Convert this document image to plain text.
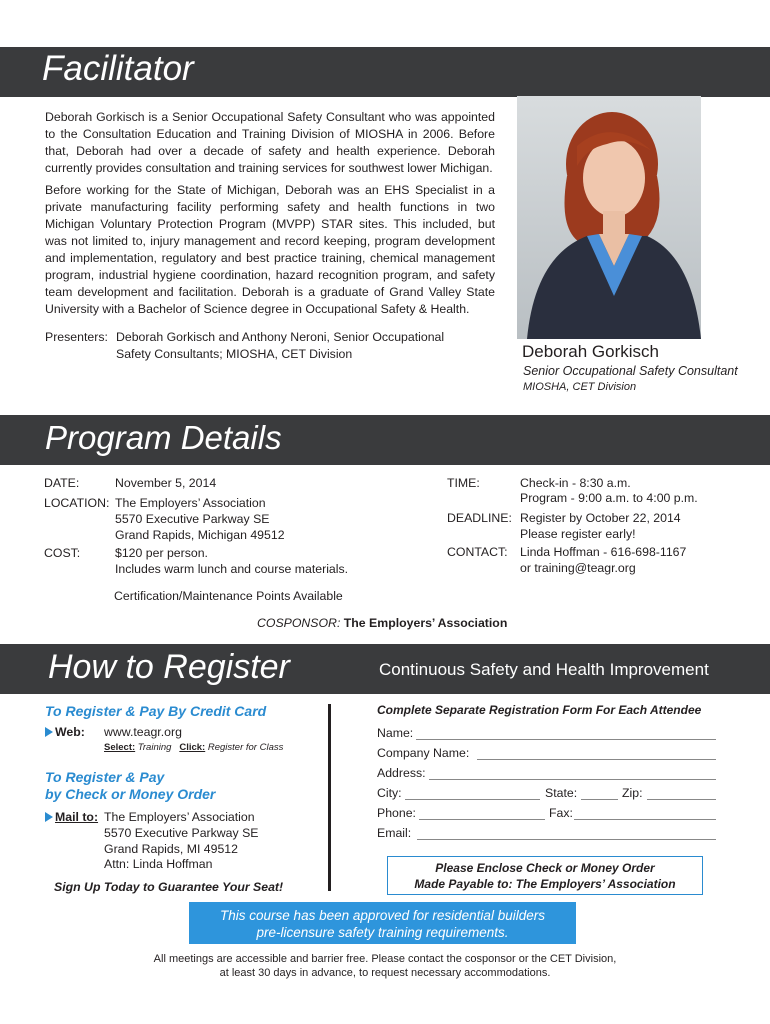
Facilitator
Deborah Gorkisch is a Senior Occupational Safety Consultant who was appointed to the Consultation Education and Training Division of MIOSHA in 2006. Before that, Deborah had over a decade of safety and health experience. Deborah currently provides consultation and training services for southwest lower Michigan.
Before working for the State of Michigan, Deborah was an EHS Specialist in a private manufacturing facility performing safety and health functions in two Michigan Voluntary Protection Program (MVPP) STAR sites. This included, but was not limited to, injury management and record keeping, program development and implementation, regulatory and best practice training, chemical management program, industrial hygiene coordination, hazard recognition program, and safety team development and facilitation. Deborah is a graduate of Grand Valley State University with a Bachelor of Science degree in Occupational Safety & Health.
Presenters: Deborah Gorkisch and Anthony Neroni, Senior Occupational
Safety Consultants; MIOSHA, CET Division	Deborah Gorkisch
Senior Occupational Safety Consultant
MIOSHA, CET Division
Program Details
DATE:	November 5, 2014
LOCATION: The Employers’ Association
5570 Executive Parkway SE
Grand Rapids, Michigan 49512
COST:	$120 per person.
Includes warm lunch and course materials.
TIME:	Check-in - 8:30 a.m.
Program - 9:00 a.m. to 4:00 p.m.
DEADLINE: Register by October 22, 2014
Please register early!
CONTACT: Linda Hoffman - 616-698-1167
or training@teagr.org
Certification/Maintenance Points Available
COSPONSOR: The Employers’ Association
How to Register	Continuous Safety and Health Improvement
To Register & Pay By Credit Card
Web: www.teagr.org
Select: Training Click: Register for Class
To Register & Pay
by Check or Money Order
Mail to: The Employers’ Association
5570 Executive Parkway SE
Grand Rapids, MI 49512
Attn: Linda Hoffman
Sign Up Today to Guarantee Your Seat!
Complete Separate Registration Form For Each Attendee
Name:
Company Name:
Address:
City:	State:	Zip:
Phone:	Fax:
Email:
Please Enclose Check or Money Order
Made Payable to: The Employers’ Association
This course has been approved for residential builders
pre-licensure safety training requirements.
All meetings are accessible and barrier free. Please contact the cosponsor or the CET Division,
at least 30 days in advance, to request necessary accommodations.
